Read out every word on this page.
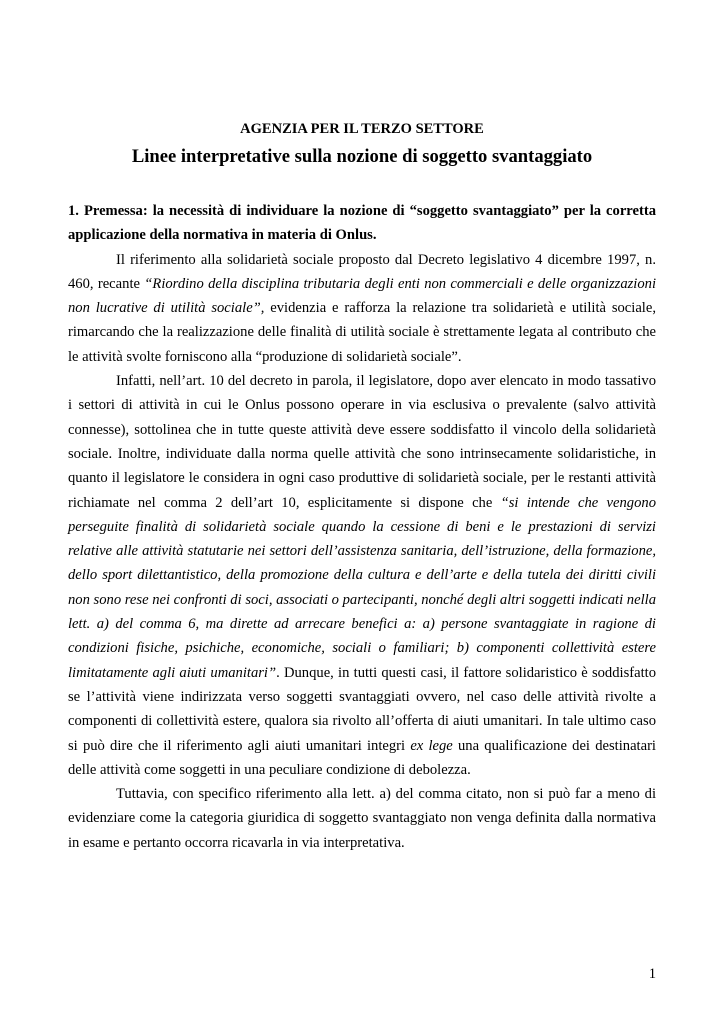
AGENZIA PER IL TERZO SETTORE
Linee interpretative sulla nozione di soggetto svantaggiato

1. Premessa: la necessità di individuare la nozione di “soggetto svantaggiato” per la corretta applicazione della normativa in materia di Onlus.

Il riferimento alla solidarietà sociale proposto dal Decreto legislativo 4 dicembre 1997, n. 460, recante “Riordino della disciplina tributaria degli enti non commerciali e delle organizzazioni non lucrative di utilità sociale”, evidenzia e rafforza la relazione tra solidarietà e utilità sociale, rimarcando che la realizzazione delle finalità di utilità sociale è strettamente legata al contributo che le attività svolte forniscono alla “produzione di solidarietà sociale”.

Infatti, nell’art. 10 del decreto in parola, il legislatore, dopo aver elencato in modo tassativo i settori di attività in cui le Onlus possono operare in via esclusiva o prevalente (salvo attività connesse), sottolinea che in tutte queste attività deve essere soddisfatto il vincolo della solidarietà sociale. Inoltre, individuate dalla norma quelle attività che sono intrinsecamente solidaristiche, in quanto il legislatore le considera in ogni caso produttive di solidarietà sociale, per le restanti attività richiamate nel comma 2 dell’art 10, esplicitamente si dispone che “si intende che vengono perseguite finalità di solidarietà sociale quando la cessione di beni e le prestazioni di servizi relative alle attività statutarie nei settori dell’assistenza sanitaria, dell’istruzione, della formazione, dello sport dilettantistico, della promozione della cultura e dell’arte e della tutela dei diritti civili non sono rese nei confronti di soci, associati o partecipanti, nonché degli altri soggetti indicati nella lett. a) del comma 6, ma dirette ad arrecare benefici a: a) persone svantaggiate in ragione di condizioni fisiche, psichiche, economiche, sociali o familiari; b) componenti collettività estere limitatamente agli aiuti umanitari”. Dunque, in tutti questi casi, il fattore solidaristico è soddisfatto se l’attività viene indirizzata verso soggetti svantaggiati ovvero, nel caso delle attività rivolte a componenti di collettività estere, qualora sia rivolto all’offerta di aiuti umanitari. In tale ultimo caso si può dire che il riferimento agli aiuti umanitari integri ex lege una qualificazione dei destinatari delle attività come soggetti in una peculiare condizione di debolezza.

Tuttavia, con specifico riferimento alla lett. a) del comma citato, non si può far a meno di evidenziare come la categoria giuridica di soggetto svantaggiato non venga definita dalla normativa in esame e pertanto occorra ricavarla in via interpretativa.

1
